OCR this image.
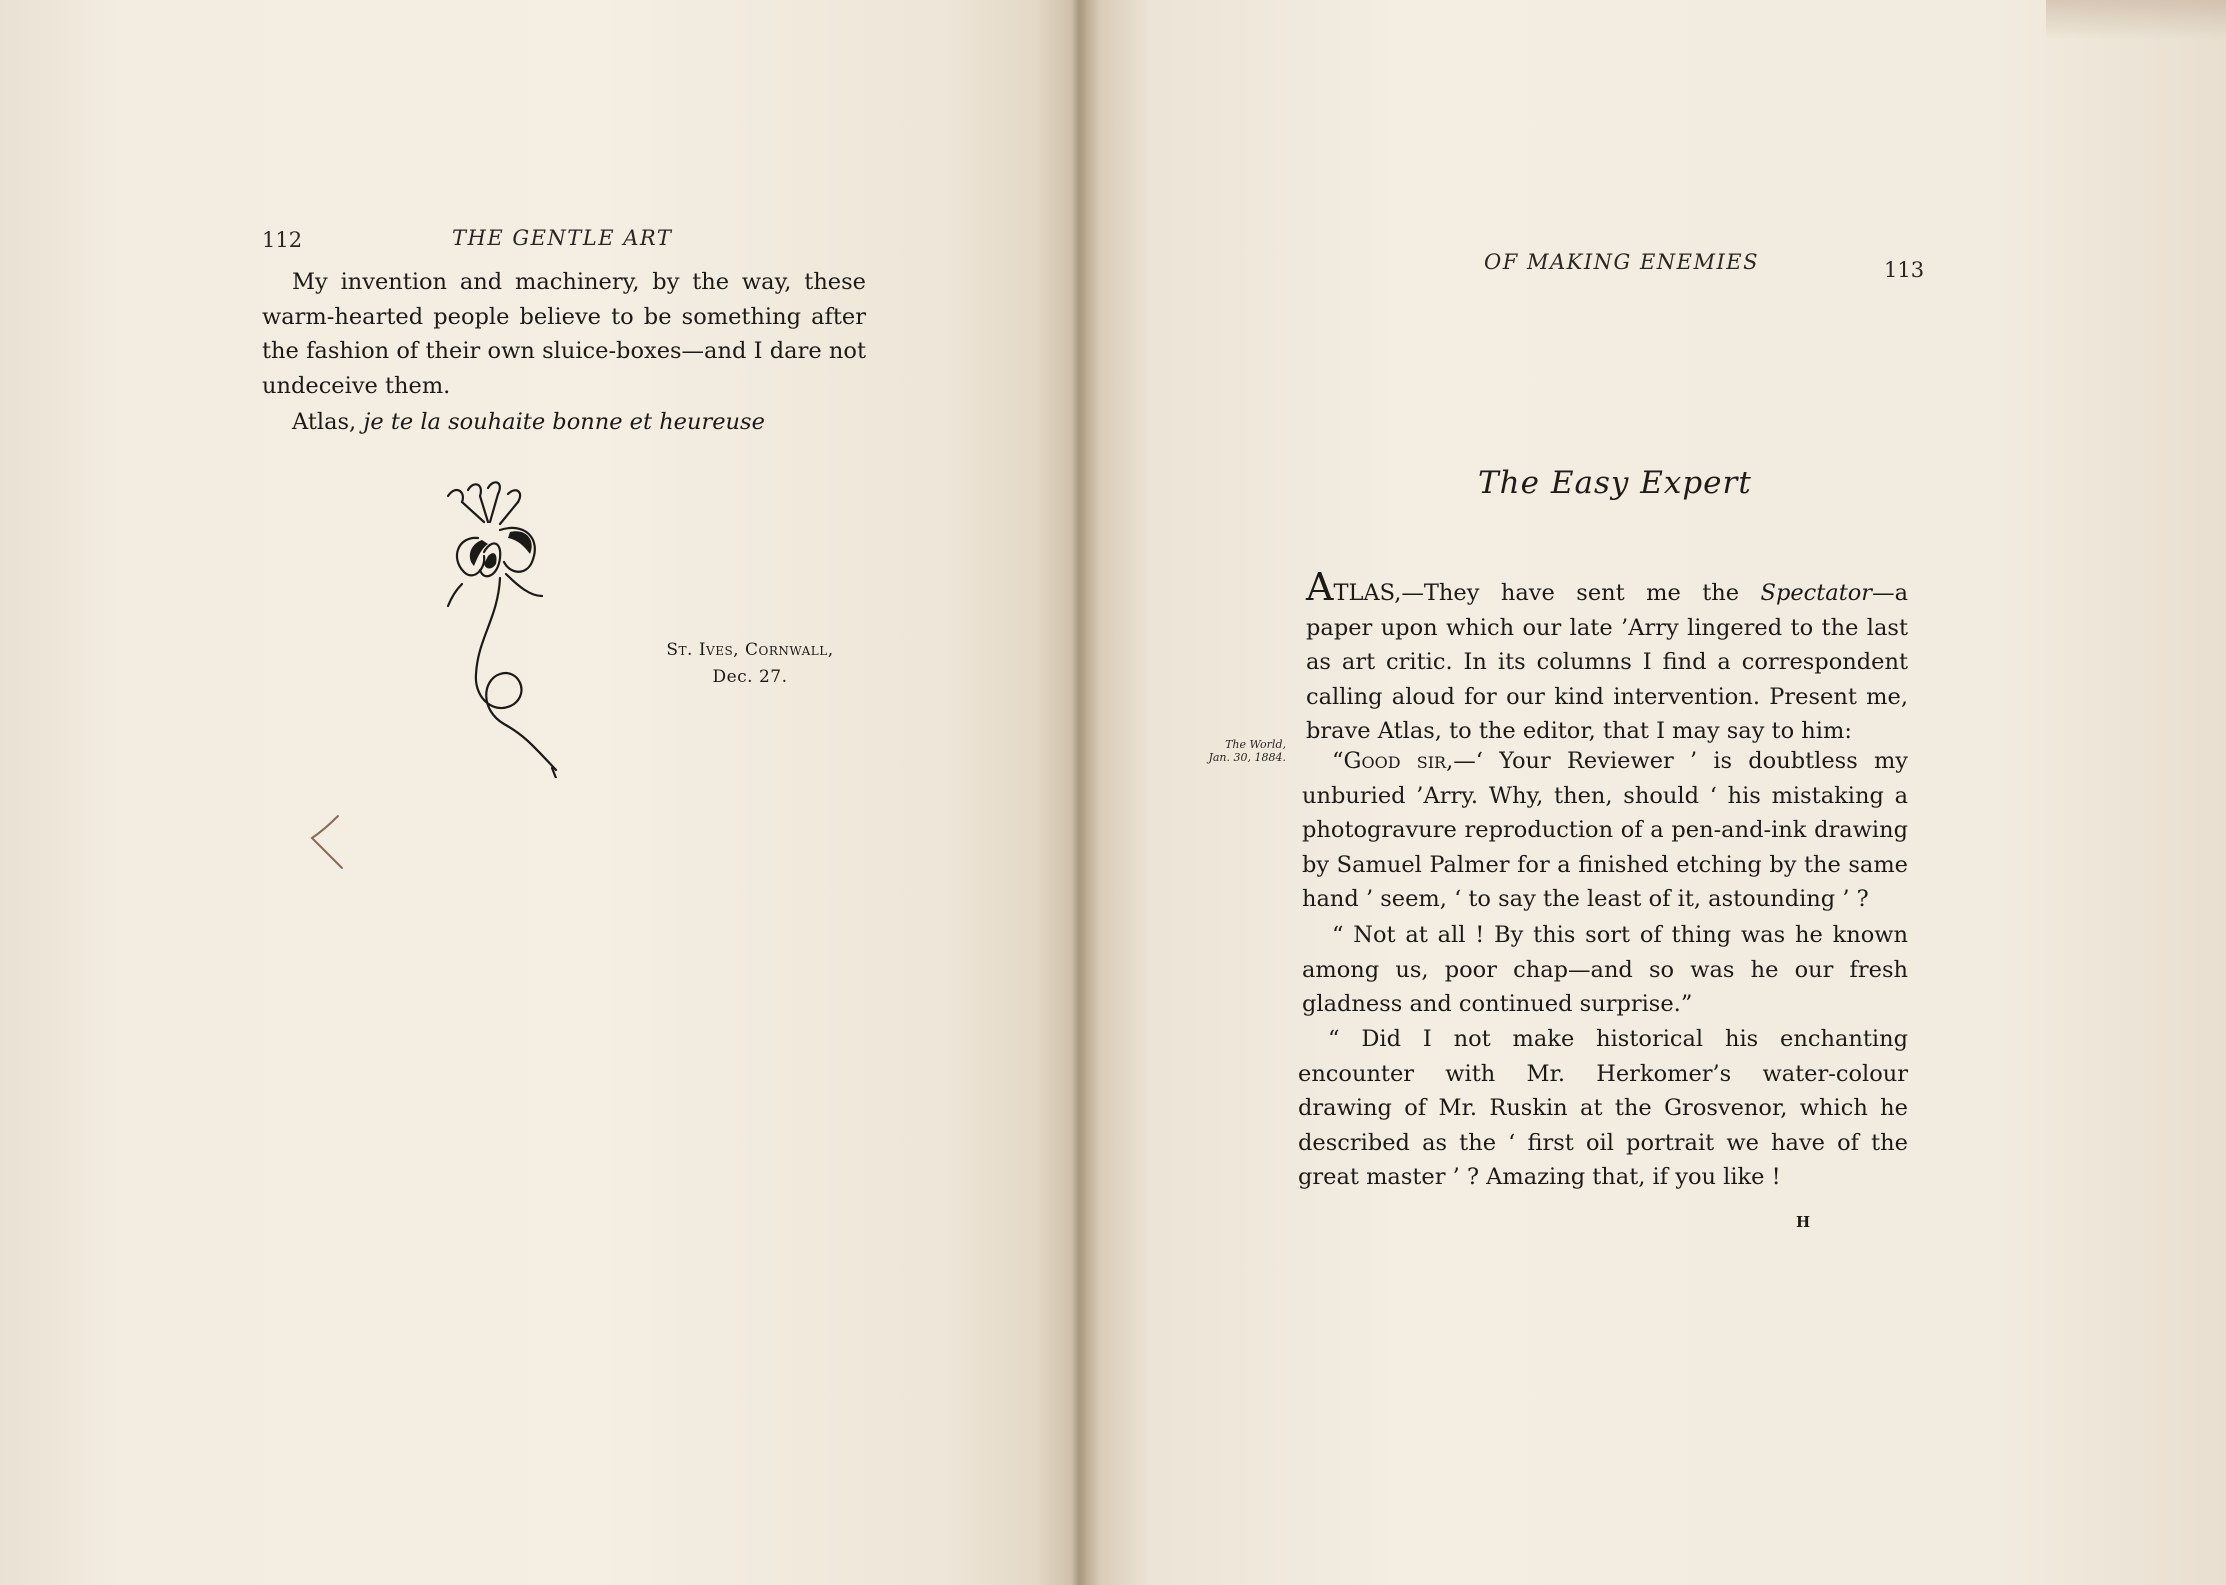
112	THE GENTLE ART

My invention and machinery, by the way, these warm-hearted people believe to be something after the fashion of their own sluice-boxes—and I dare not undeceive them.

Atlas, je te la souhaite bonne et heureuse

St. Ives, Cornwall,
Dec. 27.
OF MAKING ENEMIES	113
The Easy Expert

ATLAS,—They have sent me the Spectator—a paper upon which our late ’Arry lingered to the last as art critic. In its columns I find a correspondent calling aloud for our kind intervention. Present me, brave Atlas, to the editor, that I may say to him:

The World,
Jan. 30, 1884.	“Good sir,—‘ Your Reviewer ’ is doubtless my unburied ’Arry. Why, then, should ‘ his mistaking a photogravure reproduction of a pen-and-ink drawing by Samuel Palmer for a finished etching by the same hand ’ seem, ‘ to say the least of it, astounding ’ ?

“ Not at all ! By this sort of thing was he known among us, poor chap—and so was he our fresh gladness and continued surprise.”

“ Did I not make historical his enchanting encounter with Mr. Herkomer’s water-colour drawing of Mr. Ruskin at the Grosvenor, which he described as the ‘ first oil portrait we have of the great master ’ ? Amazing that, if you like !

H
